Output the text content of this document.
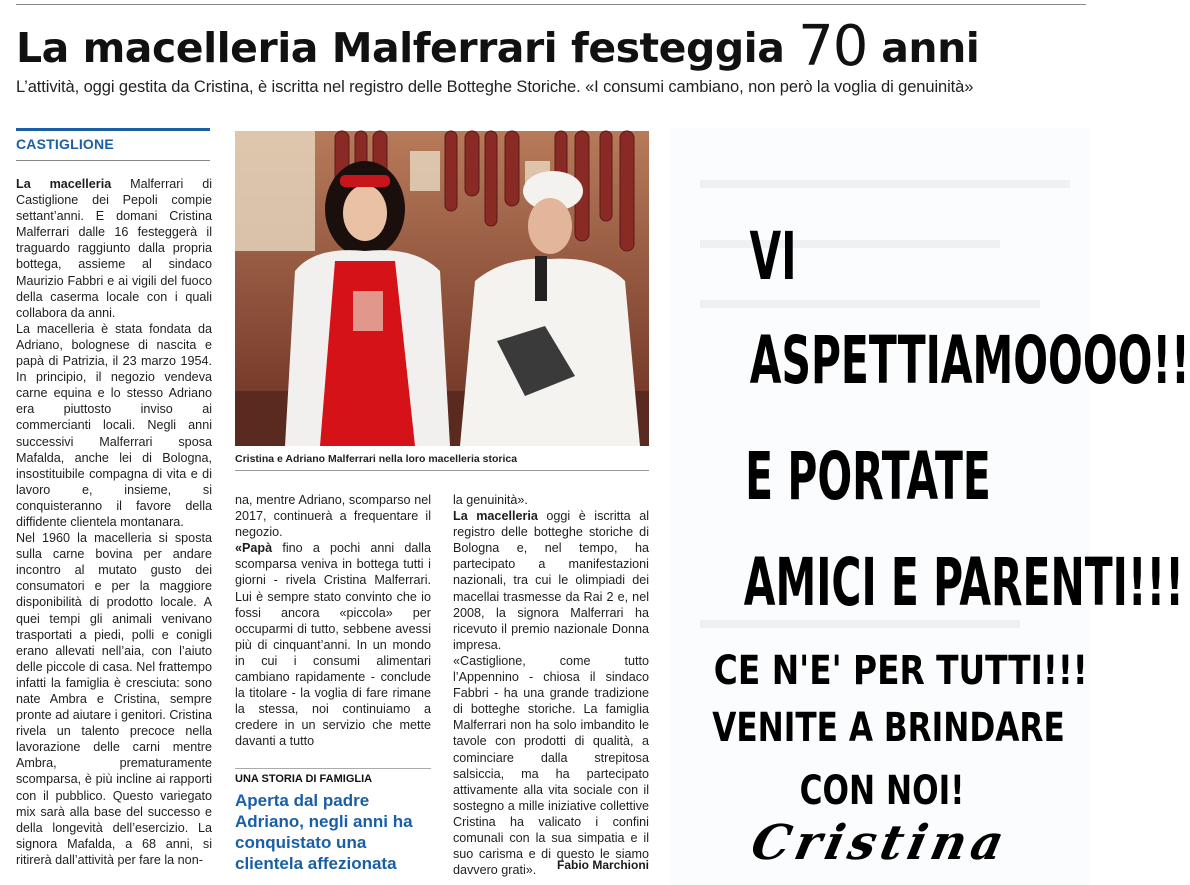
La macelleria Malferrari festeggia 70 anni
L’attività, oggi gestita da Cristina, è iscritta nel registro delle Botteghe Storiche. «I consumi cambiano, non però la voglia di genuinità»
CASTIGLIONE

La macelleria Malferrari di Castiglione dei Pepoli compie settant’anni. E domani Cristina Malferrari dalle 16 festeggerà il traguardo raggiunto dalla propria bottega, assieme al sindaco Maurizio Fabbri e ai vigili del fuoco della caserma locale con i quali collabora da anni.

La macelleria è stata fondata da Adriano, bolognese di nascita e papà di Patrizia, il 23 marzo 1954. In principio, il negozio vendeva carne equina e lo stesso Adriano era piuttosto inviso ai commercianti locali. Negli anni successivi Malferrari sposa Mafalda, anche lei di Bologna, insostituibile compagna di vita e di lavoro e, insieme, si conquisteranno il favore della diffidente clientela montanara.

Nel 1960 la macelleria si sposta sulla carne bovina per andare incontro al mutato gusto dei consumatori e per la maggiore disponibilità di prodotto locale. A quei tempi gli animali venivano trasportati a piedi, polli e conigli erano allevati nell’aia, con l’aiuto delle piccole di casa. Nel frattempo infatti la famiglia è cresciuta: sono nate Ambra e Cristina, sempre pronte ad aiutare i genitori. Cristina rivela un talento precoce nella lavorazione delle carni mentre Ambra, prematuramente scomparsa, è più incline ai rapporti con il pubblico. Questo variegato mix sarà alla base del successo e della longevità dell’esercizio. La signora Mafalda, a 68 anni, si ritirerà dall’attività per fare la non-

Cristina e Adriano Malferrari nella loro macelleria storica

na, mentre Adriano, scomparso nel 2017, continuerà a frequentare il negozio.

«Papà fino a pochi anni dalla scomparsa veniva in bottega tutti i giorni - rivela Cristina Malferrari. Lui è sempre stato convinto che io fossi ancora «piccola» per occuparmi di tutto, sebbene avessi più di cinquant’anni. In un mondo in cui i consumi alimentari cambiano rapidamente - conclude la titolare - la voglia di fare rimane la stessa, noi continuiamo a credere in un servizio che mette davanti a tutto

UNA STORIA DI FAMIGLIA
Aperta dal padre Adriano, negli anni ha conquistato una clientela affezionata

la genuinità».

La macelleria oggi è iscritta al registro delle botteghe storiche di Bologna e, nel tempo, ha partecipato a manifestazioni nazionali, tra cui le olimpiadi dei macellai trasmesse da Rai 2 e, nel 2008, la signora Malferrari ha ricevuto il premio nazionale Donna impresa.

«Castiglione, come tutto l’Appennino - chiosa il sindaco Fabbri - ha una grande tradizione di botteghe storiche. La famiglia Malferrari non ha solo imbandito le tavole con prodotti di qualità, a cominciare dalla strepitosa salsiccia, ma ha partecipato attivamente alla vita sociale con il sostegno a mille iniziative collettive Cristina ha valicato i confini comunali con la sua simpatia e il suo carisma e di questo le siamo davvero grati».	Fabio Marchioni
VI
ASPETTIAMOOOO!!
E PORTATE
AMICI E PARENTI!!!
CE N'E' PER TUTTI!!!
VENITE A BRINDARE
CON NOI!
Cristina
